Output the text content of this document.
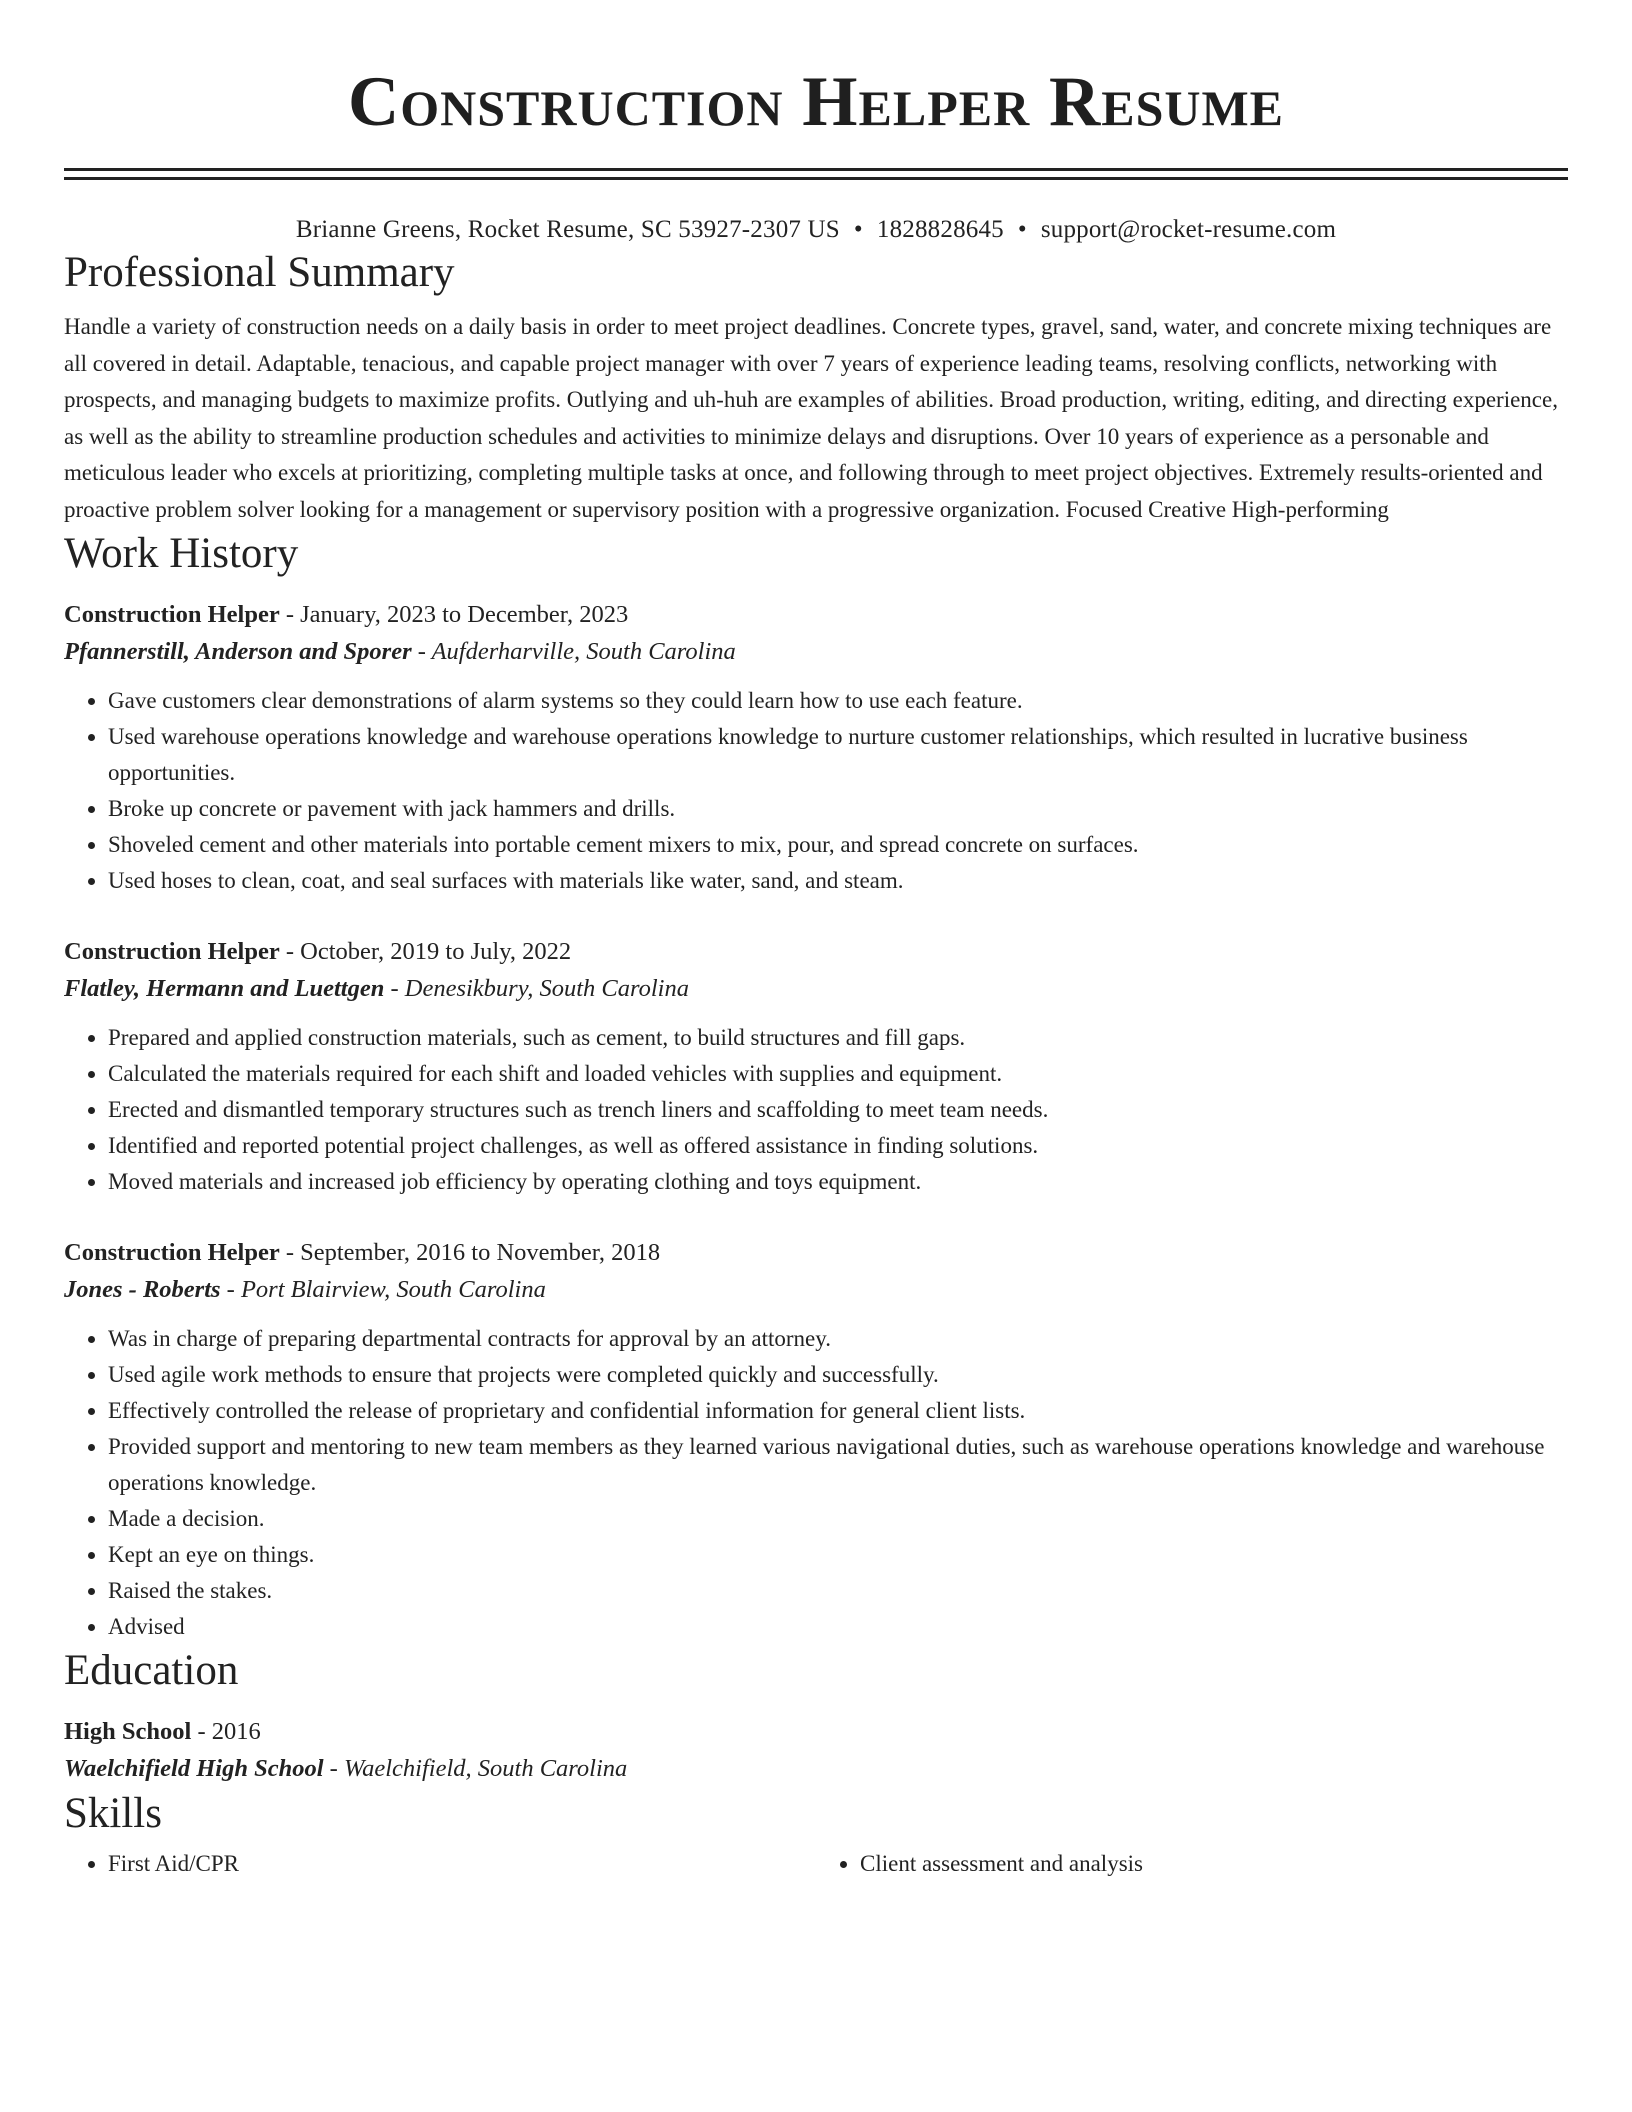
Construction Helper Resume
Brianne Greens, Rocket Resume, SC 53927-2307 US • 1828828645 • support@rocket-resume.com
Professional Summary
Handle a variety of construction needs on a daily basis in order to meet project deadlines. Concrete types, gravel, sand, water, and concrete mixing techniques are all covered in detail. Adaptable, tenacious, and capable project manager with over 7 years of experience leading teams, resolving conflicts, networking with prospects, and managing budgets to maximize profits. Outlying and uh-huh are examples of abilities. Broad production, writing, editing, and directing experience, as well as the ability to streamline production schedules and activities to minimize delays and disruptions. Over 10 years of experience as a personable and meticulous leader who excels at prioritizing, completing multiple tasks at once, and following through to meet project objectives. Extremely results-oriented and proactive problem solver looking for a management or supervisory position with a progressive organization. Focused Creative High-performing
Work History
Construction Helper - January, 2023 to December, 2023
Pfannerstill, Anderson and Sporer - Aufderharville, South Carolina
• Gave customers clear demonstrations of alarm systems so they could learn how to use each feature.
• Used warehouse operations knowledge and warehouse operations knowledge to nurture customer relationships, which resulted in lucrative business opportunities.
• Broke up concrete or pavement with jack hammers and drills.
• Shoveled cement and other materials into portable cement mixers to mix, pour, and spread concrete on surfaces.
• Used hoses to clean, coat, and seal surfaces with materials like water, sand, and steam.
Construction Helper - October, 2019 to July, 2022
Flatley, Hermann and Luettgen - Denesikbury, South Carolina
• Prepared and applied construction materials, such as cement, to build structures and fill gaps.
• Calculated the materials required for each shift and loaded vehicles with supplies and equipment.
• Erected and dismantled temporary structures such as trench liners and scaffolding to meet team needs.
• Identified and reported potential project challenges, as well as offered assistance in finding solutions.
• Moved materials and increased job efficiency by operating clothing and toys equipment.
Construction Helper - September, 2016 to November, 2018
Jones - Roberts - Port Blairview, South Carolina
• Was in charge of preparing departmental contracts for approval by an attorney.
• Used agile work methods to ensure that projects were completed quickly and successfully.
• Effectively controlled the release of proprietary and confidential information for general client lists.
• Provided support and mentoring to new team members as they learned various navigational duties, such as warehouse operations knowledge and warehouse operations knowledge.
• Made a decision.
• Kept an eye on things.
• Raised the stakes.
• Advised
Education
High School - 2016
Waelchifield High School - Waelchifield, South Carolina
Skills
• First Aid/CPR
•	Client assessment and analysis
